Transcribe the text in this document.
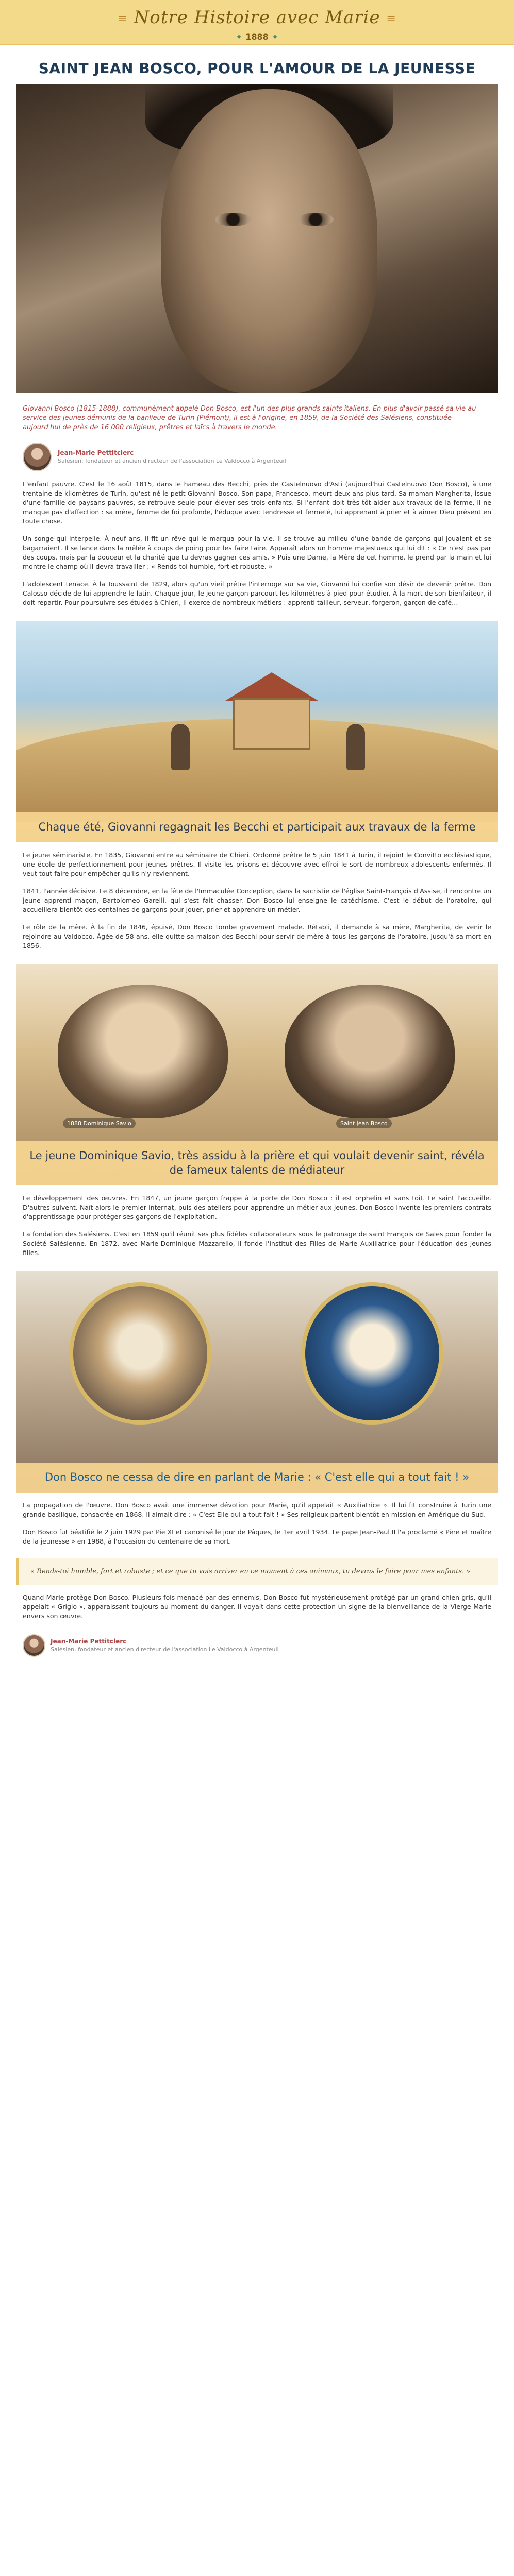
≡ Notre Histoire avec Marie ≡
✦ 1888 ✦
SAINT JEAN BOSCO, POUR L'AMOUR DE LA JEUNESSE

Giovanni Bosco (1815-1888), communément appelé Don Bosco, est l'un des plus grands saints italiens. En plus d'avoir passé sa vie au service des jeunes démunis de la banlieue de Turin (Piémont), il est à l'origine, en 1859, de la Société des Salésiens, constituée aujourd'hui de près de 16 000 religieux, prêtres et laïcs à travers le monde.

Jean-Marie Pettitclerc
Salésien, fondateur et ancien directeur de l'association Le Valdocco à Argenteuil

L'enfant pauvre. C'est le 16 août 1815, dans le hameau des Becchi, près de Castelnuovo d'Asti (aujourd'hui Castelnuovo Don Bosco), à une trentaine de kilomètres de Turin, qu'est né le petit Giovanni Bosco. Son papa, Francesco, meurt deux ans plus tard. Sa maman Margherita, issue d'une famille de paysans pauvres, se retrouve seule pour élever ses trois enfants. Si l'enfant doit très tôt aider aux travaux de la ferme, il ne manque pas d'affection : sa mère, femme de foi profonde, l'éduque avec tendresse et fermeté, lui apprenant à prier et à aimer Dieu présent en toute chose.

Un songe qui interpelle. À neuf ans, il fit un rêve qui le marqua pour la vie. Il se trouve au milieu d'une bande de garçons qui jouaient et se bagarraient. Il se lance dans la mêlée à coups de poing pour les faire taire. Apparaît alors un homme majestueux qui lui dit : « Ce n'est pas par des coups, mais par la douceur et la charité que tu devras gagner ces amis. » Puis une Dame, la Mère de cet homme, le prend par la main et lui montre le champ où il devra travailler : « Rends-toi humble, fort et robuste. »

L'adolescent tenace. À la Toussaint de 1829, alors qu'un vieil prêtre l'interroge sur sa vie, Giovanni lui confie son désir de devenir prêtre. Don Calosso décide de lui apprendre le latin. Chaque jour, le jeune garçon parcourt les kilomètres à pied pour étudier. À la mort de son bienfaiteur, il doit repartir. Pour poursuivre ses études à Chieri, il exerce de nombreux métiers : apprenti tailleur, serveur, forgeron, garçon de café…

Chaque été, Giovanni regagnait les Becchi et participait aux travaux de la ferme

Le jeune séminariste. En 1835, Giovanni entre au séminaire de Chieri. Ordonné prêtre le 5 juin 1841 à Turin, il rejoint le Convitto ecclésiastique, une école de perfectionnement pour jeunes prêtres. Il visite les prisons et découvre avec effroi le sort de nombreux adolescents enfermés. Il veut tout faire pour empêcher qu'ils n'y reviennent.

1841, l'année décisive. Le 8 décembre, en la fête de l'Immaculée Conception, dans la sacristie de l'église Saint-François d'Assise, il rencontre un jeune apprenti maçon, Bartolomeo Garelli, qui s'est fait chasser. Don Bosco lui enseigne le catéchisme. C'est le début de l'oratoire, qui accueillera bientôt des centaines de garçons pour jouer, prier et apprendre un métier.

Le rôle de la mère. À la fin de 1846, épuisé, Don Bosco tombe gravement malade. Rétabli, il demande à sa mère, Margherita, de venir le rejoindre au Valdocco. Âgée de 58 ans, elle quitte sa maison des Becchi pour servir de mère à tous les garçons de l'oratoire, jusqu'à sa mort en 1856.

1888 Dominique Savio	Saint Jean Bosco
Le jeune Dominique Savio, très assidu à la prière et qui voulait devenir saint, révéla de fameux talents de médiateur

Le développement des œuvres. En 1847, un jeune garçon frappe à la porte de Don Bosco : il est orphelin et sans toit. Le saint l'accueille. D'autres suivent. Naît alors le premier internat, puis des ateliers pour apprendre un métier aux jeunes. Don Bosco invente les premiers contrats d'apprentissage pour protéger ses garçons de l'exploitation.

La fondation des Salésiens. C'est en 1859 qu'il réunit ses plus fidèles collaborateurs sous le patronage de saint François de Sales pour fonder la Société Salésienne. En 1872, avec Marie-Dominique Mazzarello, il fonde l'institut des Filles de Marie Auxiliatrice pour l'éducation des jeunes filles.

Don Bosco ne cessa de dire en parlant de Marie : « C'est elle qui a tout fait ! »

La propagation de l'œuvre. Don Bosco avait une immense dévotion pour Marie, qu'il appelait « Auxiliatrice ». Il lui fit construire à Turin une grande basilique, consacrée en 1868. Il aimait dire : « C'est Elle qui a tout fait ! » Ses religieux partent bientôt en mission en Amérique du Sud.

Don Bosco fut béatifié le 2 juin 1929 par Pie XI et canonisé le jour de Pâques, le 1er avril 1934. Le pape Jean-Paul II l'a proclamé « Père et maître de la jeunesse » en 1988, à l'occasion du centenaire de sa mort.

« Rends-toi humble, fort et robuste ; et ce que tu vois arriver en ce moment à ces animaux, tu devras le faire pour mes enfants. »

Quand Marie protège Don Bosco. Plusieurs fois menacé par des ennemis, Don Bosco fut mystérieusement protégé par un grand chien gris, qu'il appelait « Grigio », apparaissant toujours au moment du danger. Il voyait dans cette protection un signe de la bienveillance de la Vierge Marie envers son œuvre.

Jean-Marie Pettitclerc
Salésien, fondateur et ancien directeur de l'association Le Valdocco à Argenteuil
